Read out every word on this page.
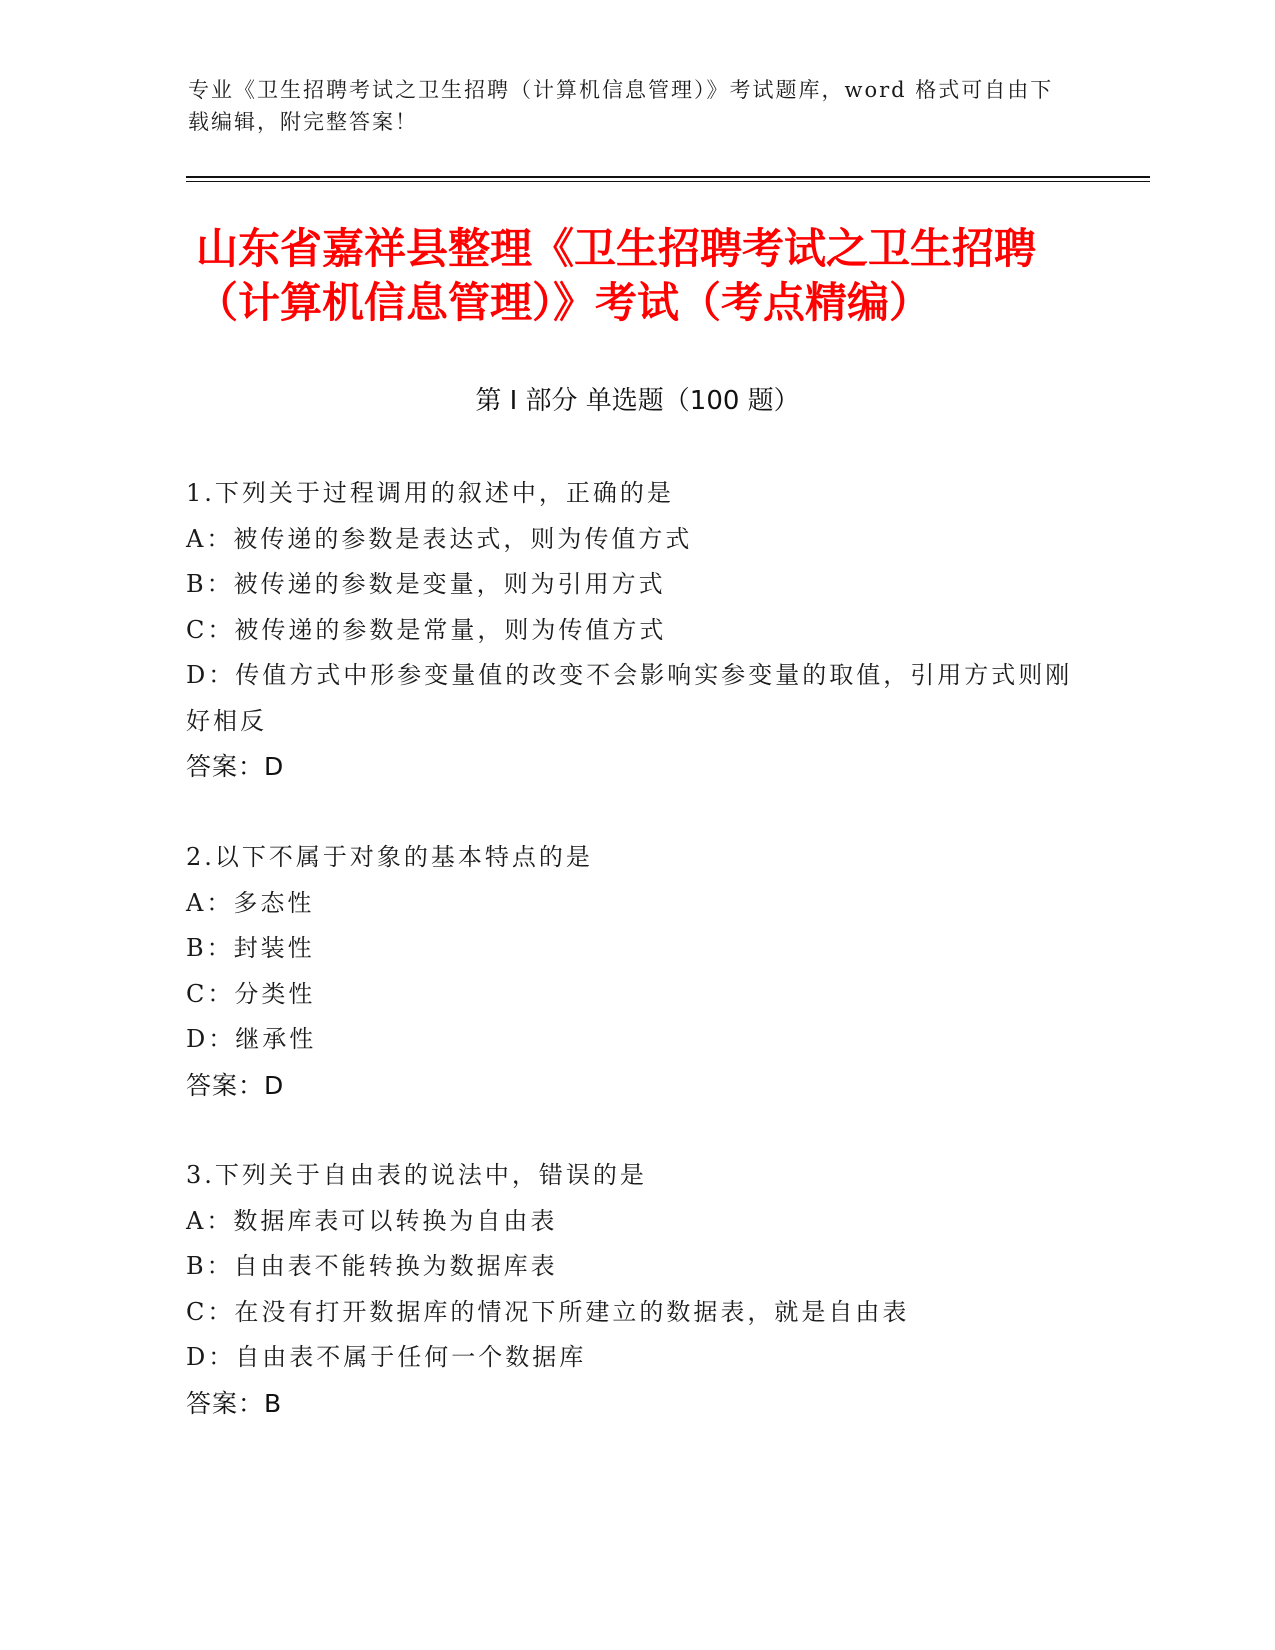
专业《卫生招聘考试之卫生招聘（计算机信息管理）》考试题库，word 格式可自由下载编辑，附完整答案！
山东省嘉祥县整理《卫生招聘考试之卫生招聘（计算机信息管理）》考试（考点精编）
第 I 部分 单选题（100 题）
1.下列关于过程调用的叙述中，正确的是
A：被传递的参数是表达式，则为传值方式
B：被传递的参数是变量，则为引用方式
C：被传递的参数是常量，则为传值方式
D：传值方式中形参变量值的改变不会影响实参变量的取值，引用方式则刚好相反
答案：D
2.以下不属于对象的基本特点的是
A：多态性
B：封装性
C：分类性
D：继承性
答案：D
3.下列关于自由表的说法中，错误的是
A：数据库表可以转换为自由表
B：自由表不能转换为数据库表
C：在没有打开数据库的情况下所建立的数据表，就是自由表
D：自由表不属于任何一个数据库
答案：B
